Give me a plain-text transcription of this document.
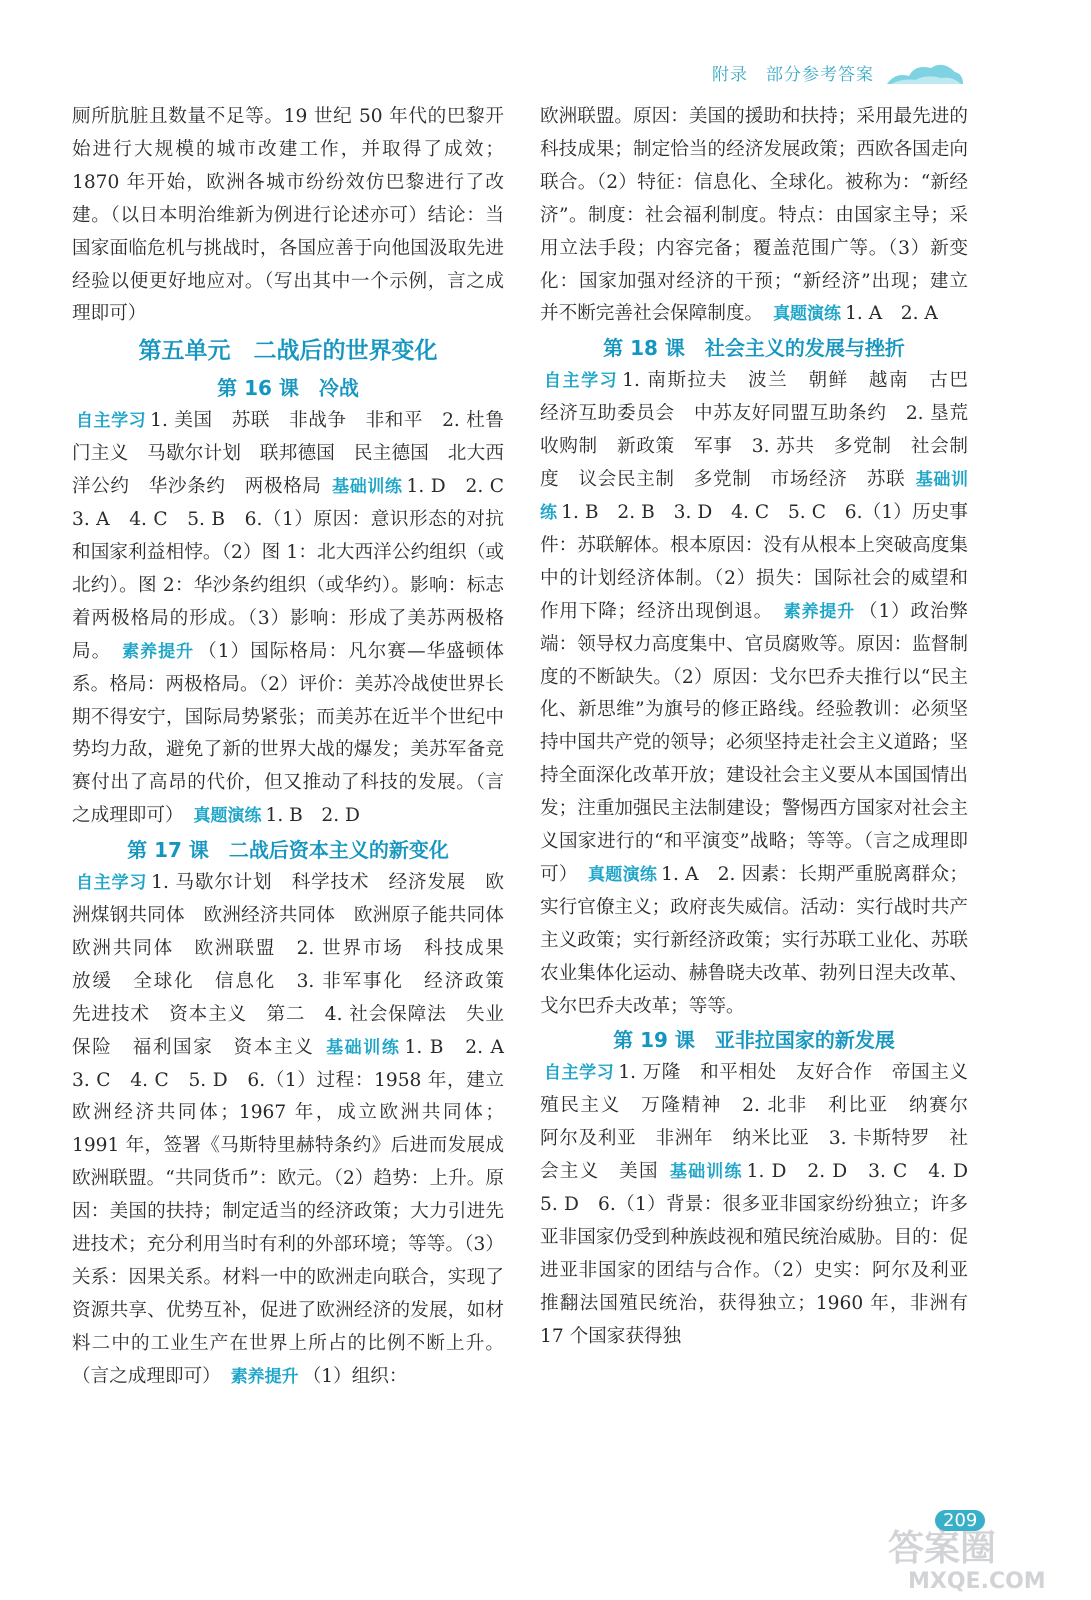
附录　 部分参考答案

厕所肮脏且数量不足等。19 世纪 50 年代的巴黎开始进行大规模的城市改建工作，并取得了成效；1870 年开始，欧洲各城市纷纷效仿巴黎进行了改建。（以日本明治维新为例进行论述亦可）结论：当国家面临危机与挑战时，各国应善于向他国汲取先进经验以便更好地应对。（写出其中一个示例，言之成理即可）

第五单元　二战后的世界变化
第 16 课　冷战

自主学习 1. 美国　苏联　非战争　非和平　2. 杜鲁门主义　马歇尔计划　联邦德国　民主德国　北大西洋公约　华沙条约　两极格局 基础训练 1. D　2. C　3. A　4. C　5. B　6.（1）原因：意识形态的对抗和国家利益相悖。（2）图 1：北大西洋公约组织（或北约）。图 2：华沙条约组织（或华约）。影响：标志着两极格局的形成。（3）影响：形成了美苏两极格局。 素养提升 （1）国际格局：凡尔赛—华盛顿体系。格局：两极格局。（2）评价：美苏冷战使世界长期不得安宁，国际局势紧张；而美苏在近半个世纪中势均力敌，避免了新的世界大战的爆发；美苏军备竞赛付出了高昂的代价，但又推动了科技的发展。（言之成理即可） 真题演练 1. B　2. D

第 17 课　二战后资本主义的新变化

自主学习 1. 马歇尔计划　科学技术　经济发展　欧洲煤钢共同体　欧洲经济共同体　欧洲原子能共同体　欧洲共同体　欧洲联盟　2. 世界市场　科技成果　放缓　全球化　信息化　3. 非军事化　经济政策　先进技术　资本主义　第二　4. 社会保障法　失业保险　福利国家　资本主义 基础训练 1. B　2. A　3. C　4. C　5. D　6.（1）过程：1958 年，建立欧洲经济共同体；1967 年，成立欧洲共同体；1991 年，签署《马斯特里赫特条约》后进而发展成欧洲联盟。“共同货币”：欧元。（2）趋势：上升。原因：美国的扶持；制定适当的经济政策；大力引进先进技术；充分利用当时有利的外部环境；等等。（3）关系：因果关系。材料一中的欧洲走向联合，实现了资源共享、优势互补，促进了欧洲经济的发展，如材料二中的工业生产在世界上所占的比例不断上升。（言之成理即可） 素养提升 （1）组织：

欧洲联盟。原因：美国的援助和扶持；采用最先进的科技成果；制定恰当的经济发展政策；西欧各国走向联合。（2）特征：信息化、全球化。被称为：“新经济”。制度：社会福利制度。特点：由国家主导；采用立法手段；内容完备；覆盖范围广等。（3）新变化：国家加强对经济的干预；“新经济”出现；建立并不断完善社会保障制度。 真题演练 1. A　2. A

第 18 课　社会主义的发展与挫折

自主学习 1. 南斯拉夫　波兰　朝鲜　越南　古巴　经济互助委员会　中苏友好同盟互助条约　2. 垦荒　收购制　新政策　军事　3. 苏共　多党制　社会制度　议会民主制　多党制　市场经济　苏联 基础训练 1. B　2. B　3. D　4. C　5. C　6.（1）历史事件：苏联解体。根本原因：没有从根本上突破高度集中的计划经济体制。（2）损失：国际社会的威望和作用下降；经济出现倒退。 素养提升 （1）政治弊端：领导权力高度集中、官员腐败等。原因：监督制度的不断缺失。（2）原因：戈尔巴乔夫推行以“民主化、新思维”为旗号的修正路线。经验教训：必须坚持中国共产党的领导；必须坚持走社会主义道路；坚持全面深化改革开放；建设社会主义要从本国国情出发；注重加强民主法制建设；警惕西方国家对社会主义国家进行的“和平演变”战略；等等。（言之成理即可） 真题演练 1. A　2. 因素：长期严重脱离群众；实行官僚主义；政府丧失威信。活动：实行战时共产主义政策；实行新经济政策；实行苏联工业化、苏联农业集体化运动、赫鲁晓夫改革、勃列日涅夫改革、戈尔巴乔夫改革；等等。

第 19 课　亚非拉国家的新发展

自主学习 1. 万隆　和平相处　友好合作　帝国主义　殖民主义　万隆精神　2. 北非　利比亚　纳赛尔　阿尔及利亚　非洲年　纳米比亚　3. 卡斯特罗　社会主义　美国 基础训练 1. D　2. D　3. C　4. D　5. D　6.（1）背景：很多亚非国家纷纷独立；许多亚非国家仍受到种族歧视和殖民统治威胁。目的：促进亚非国家的团结与合作。（2）史实：阿尔及利亚推翻法国殖民统治，获得独立；1960 年，非洲有 17 个国家获得独

209
答案圈
MXQE.COM
